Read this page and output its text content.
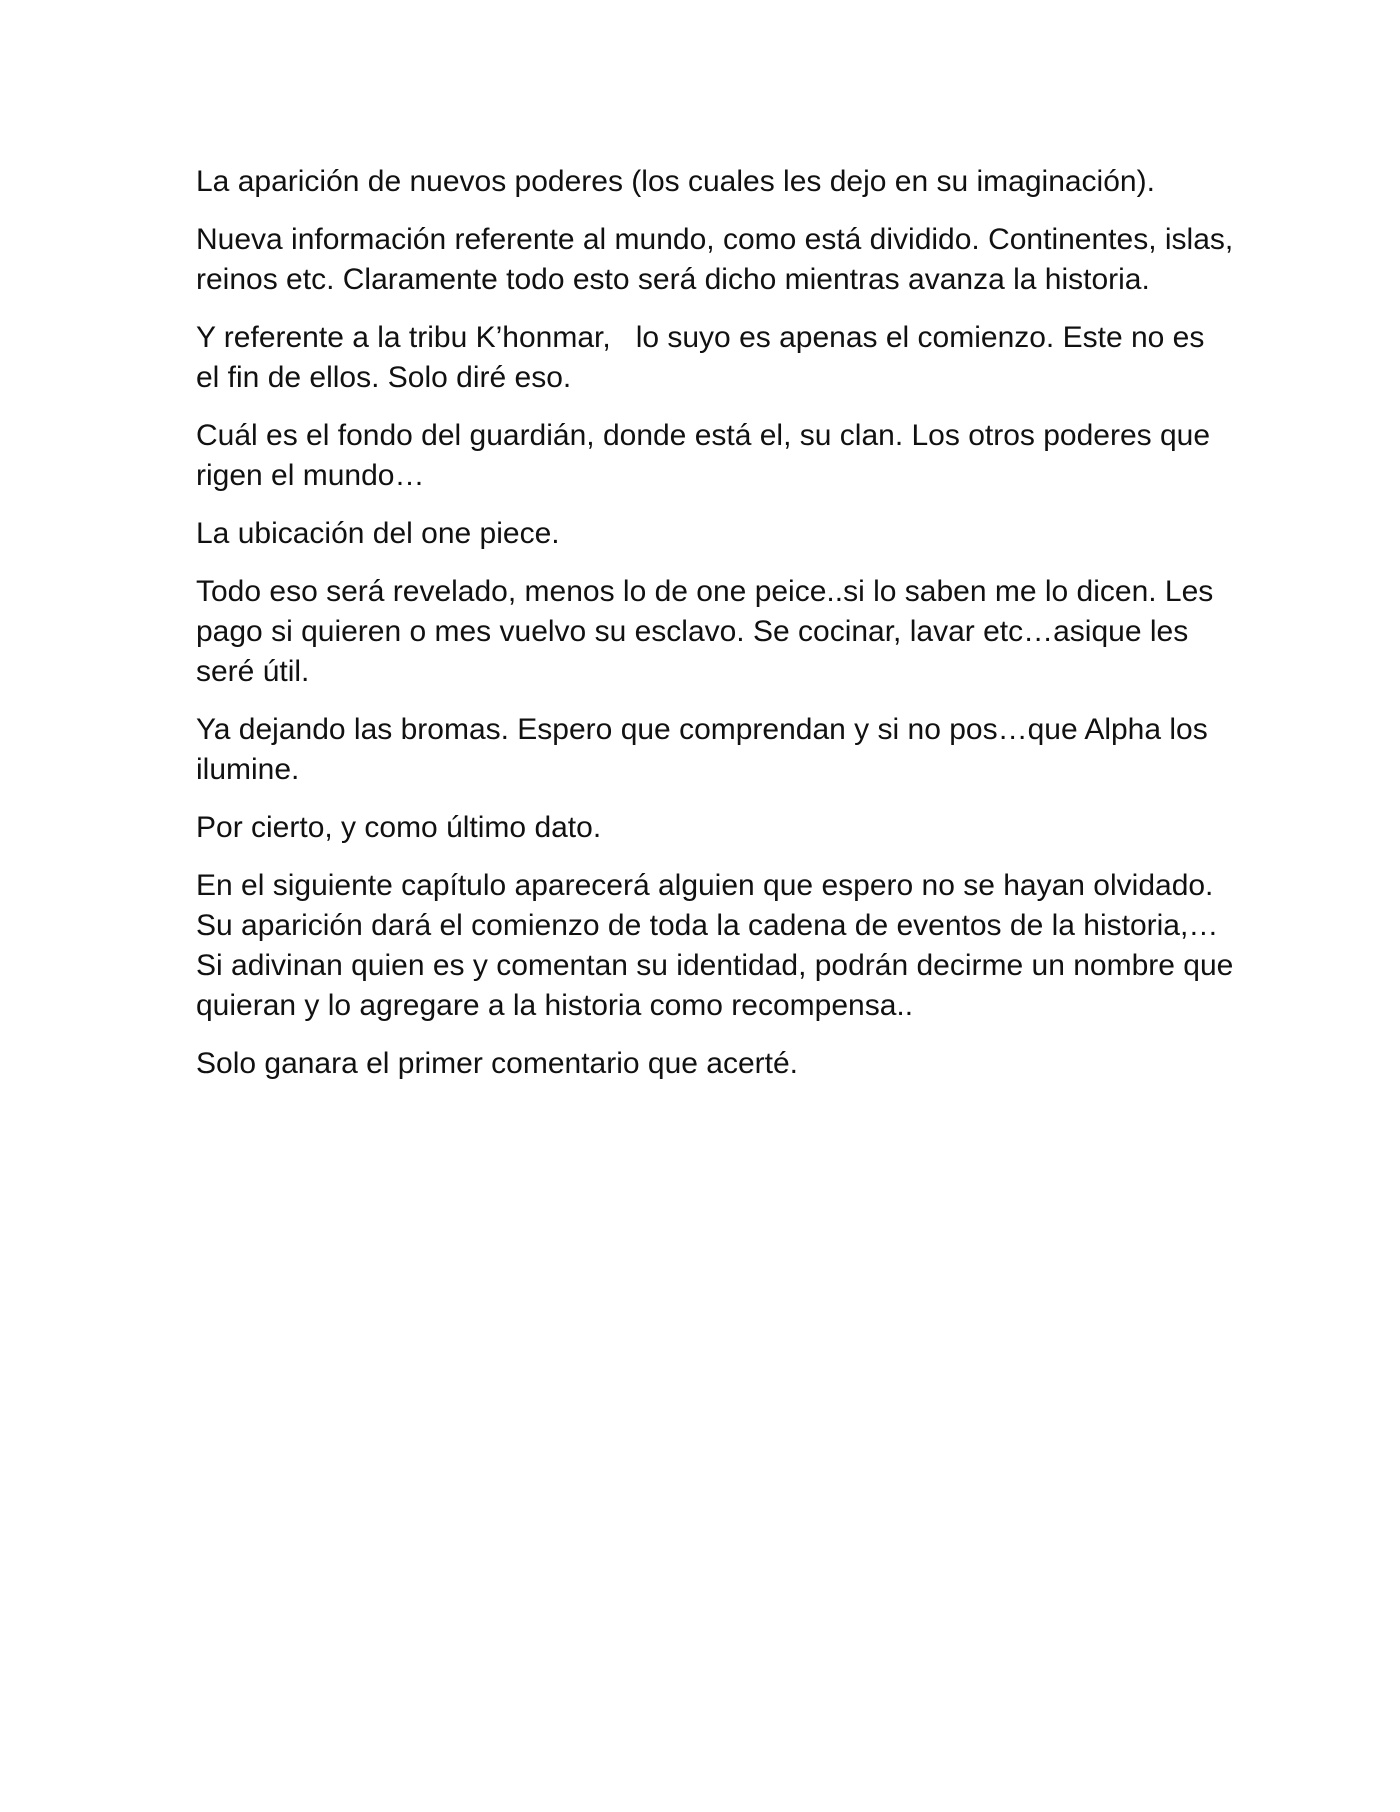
La aparición de nuevos poderes (los cuales les dejo en su imaginación).

Nueva información referente al mundo, como está dividido. Continentes, islas, reinos etc. Claramente todo esto será dicho mientras avanza la historia.

Y referente a la tribu K’honmar,   lo suyo es apenas el comienzo. Este no es el fin de ellos. Solo diré eso.

Cuál es el fondo del guardián, donde está el, su clan. Los otros poderes que rigen el mundo…

La ubicación del one piece.

Todo eso será revelado, menos lo de one peice..si lo saben me lo dicen. Les pago si quieren o mes vuelvo su esclavo. Se cocinar, lavar etc…asique les seré útil.

Ya dejando las bromas. Espero que comprendan y si no pos…que Alpha los ilumine.

Por cierto, y como último dato.

En el siguiente capítulo aparecerá alguien que espero no se hayan olvidado. Su aparición dará el comienzo de toda la cadena de eventos de la historia,…Si adivinan quien es y comentan su identidad, podrán decirme un nombre que quieran y lo agregare a la historia como recompensa..

Solo ganara el primer comentario que acerté.
